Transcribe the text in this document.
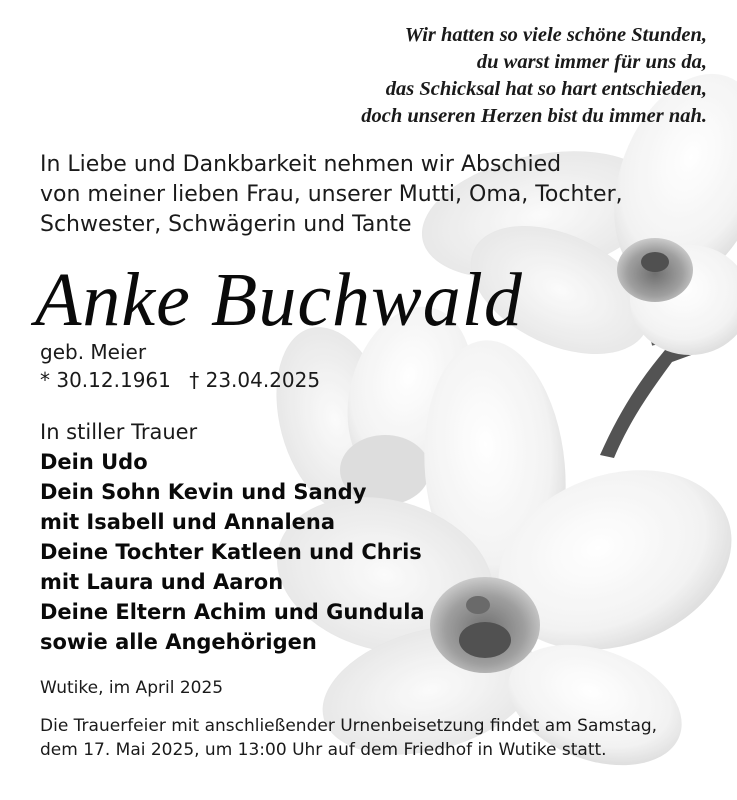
Wir hatten so viele schöne Stunden,
du warst immer für uns da,
das Schicksal hat so hart entschieden,
doch unseren Herzen bist du immer nah.
In Liebe und Dankbarkeit nehmen wir Abschied
von meiner lieben Frau, unserer Mutti, Oma, Tochter,
Schwester, Schwägerin und Tante
Anke Buchwald
geb. Meier
* 30.12.1961 † 23.04.2025
In stiller Trauer
Dein Udo
Dein Sohn Kevin und Sandy
mit Isabell und Annalena
Deine Tochter Katleen und Chris
mit Laura und Aaron
Deine Eltern Achim und Gundula
sowie alle Angehörigen
Wutike, im April 2025
Die Trauerfeier mit anschließender Urnenbeisetzung findet am Samstag,
dem 17. Mai 2025, um 13:00 Uhr auf dem Friedhof in Wutike statt.
